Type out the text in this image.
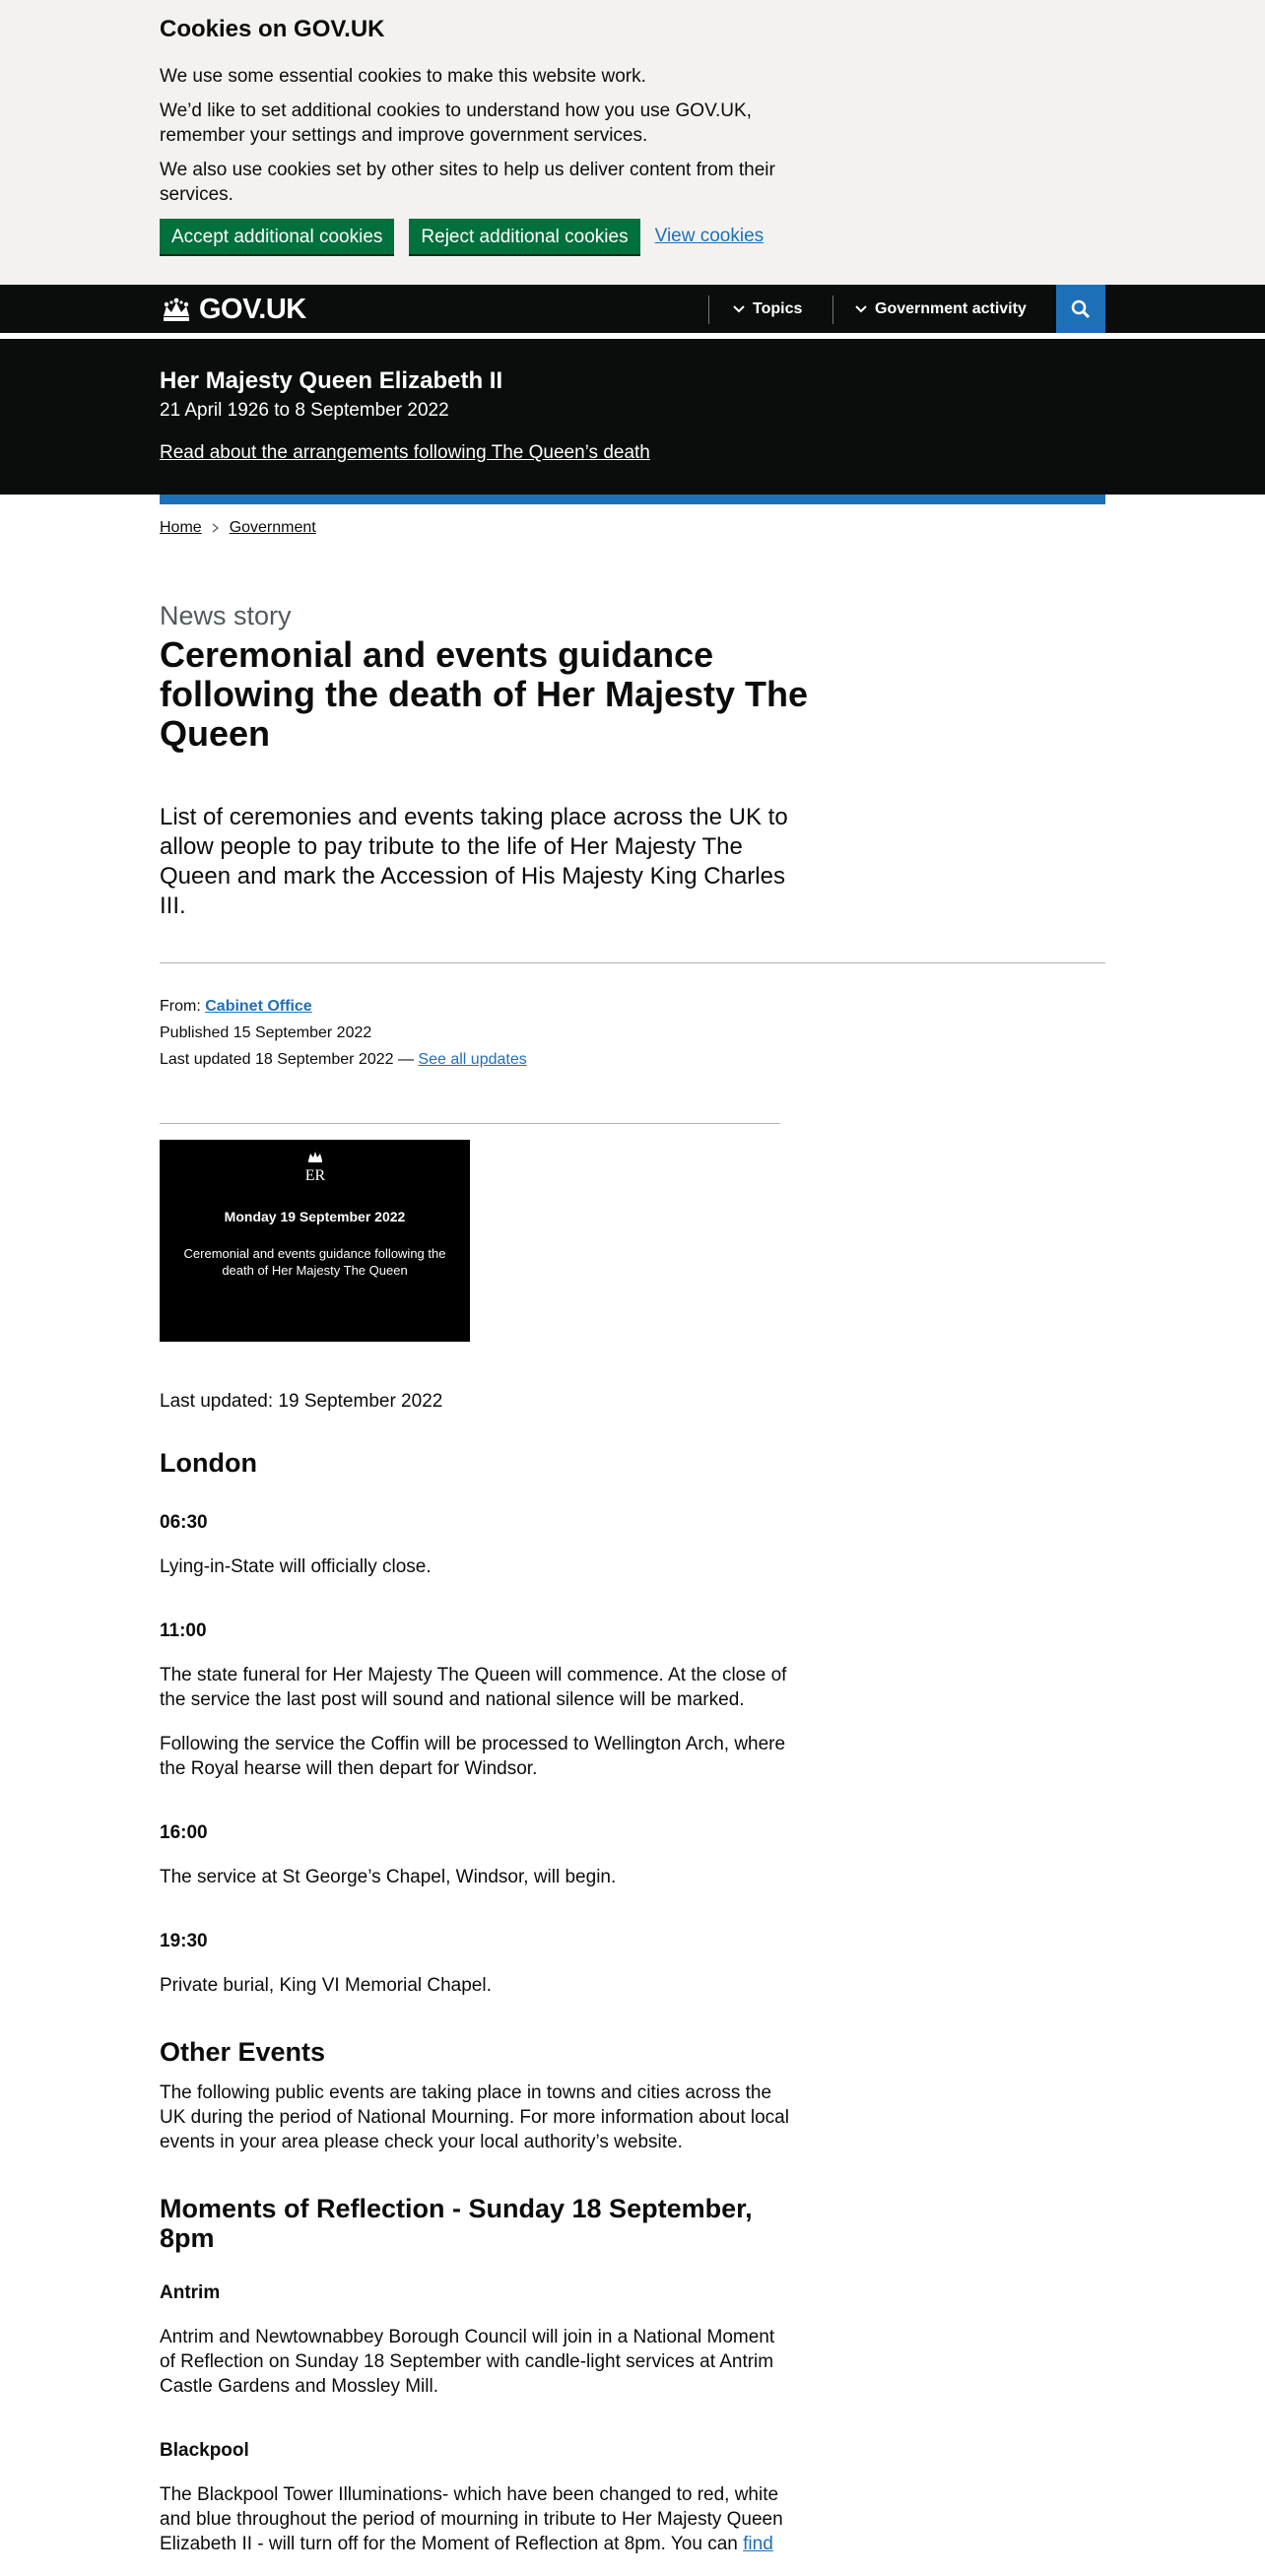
Cookies on GOV.UK

We use some essential cookies to make this website work.

We’d like to set additional cookies to understand how you use GOV.UK, remember your settings and improve government services.

We also use cookies set by other sites to help us deliver content from their services.

Accept additional cookies	Reject additional cookies	View cookies
GOV.UK	Topics	Government activity
Her Majesty Queen Elizabeth II
21 April 1926 to 8 September 2022
Read about the arrangements following The Queen’s death
Home Government
News story
Ceremonial and events guidance following the death of Her Majesty The Queen

List of ceremonies and events taking place across the UK to allow people to pay tribute to the life of Her Majesty The Queen and mark the Accession of His Majesty King Charles III.

From: Cabinet Office
Published 15 September 2022
Last updated 18 September 2022 — See all updates
ER
Monday 19 September 2022
Ceremonial and events guidance following the death of Her Majesty The Queen

Last updated: 19 September 2022

London
06:30

Lying-in-State will officially close.

11:00

The state funeral for Her Majesty The Queen will commence. At the close of the service the last post will sound and national silence will be marked.

Following the service the Coffin will be processed to Wellington Arch, where the Royal hearse will then depart for Windsor.

16:00

The service at St George’s Chapel, Windsor, will begin.

19:30

Private burial, King VI Memorial Chapel.

Other Events

The following public events are taking place in towns and cities across the UK during the period of National Mourning. For more information about local events in your area please check your local authority’s website.

Moments of Reflection - Sunday 18 September, 8pm
Antrim

Antrim and Newtownabbey Borough Council will join in a National Moment of Reflection on Sunday 18 September with candle-light services at Antrim Castle Gardens and Mossley Mill.

Blackpool

The Blackpool Tower Illuminations- which have been changed to red, white and blue throughout the period of mourning in tribute to Her Majesty Queen Elizabeth II - will turn off for the Moment of Reflection at 8pm. You can find
